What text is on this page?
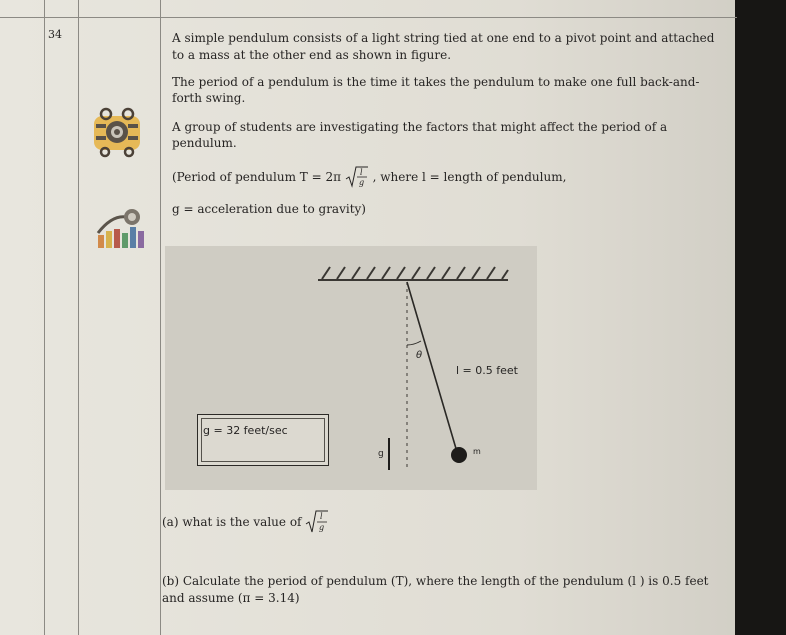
34	A simple pendulum consists of a light string tied at one end to a pivot point and attached
to a mass at the other end as shown in figure.
The period of a pendulum is the time it takes the pendulum to make one full back-and-
forth swing.
A group of students are investigating the factors that might affect the period of a
pendulum.
(Period of pendulum T = 2π l
g , where l = length of pendulum,
g = acceleration due to gravity)
θ
l = 0.5 feet
m
g
g = 32 feet/sec
(a) what is the value of l
g
(b) Calculate the period of pendulum (T), where the length of the pendulum (l ) is 0.5 feet
and assume (π = 3.14)
